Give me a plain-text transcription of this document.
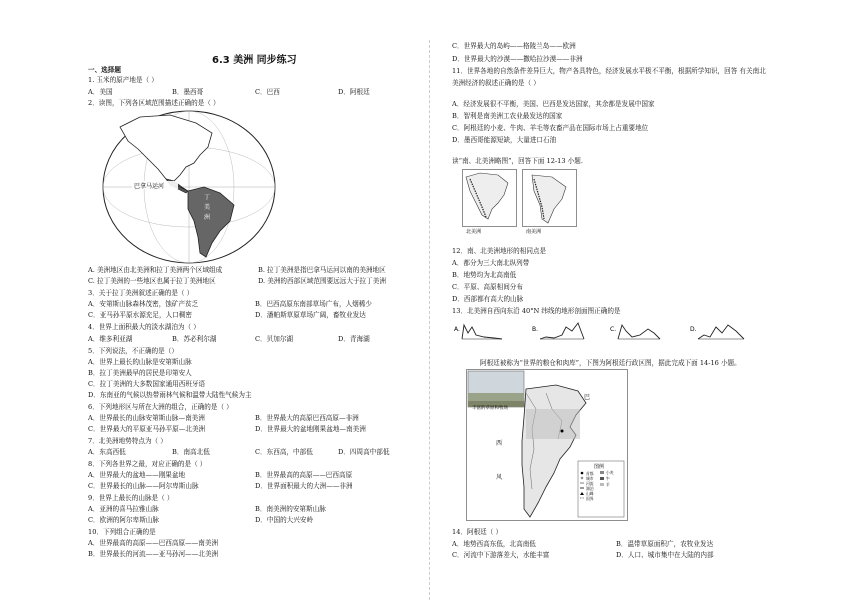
6.3 美洲 同步练习
一、选择题
1. 玉米的原产地是（ ）
A．美国	B．墨西哥	C．巴西	D．阿根廷
2．读图，下列各区域范围描述正确的是（ ）
巴拿马运河
丁
美
洲
A. 美洲地区由北美洲和拉丁美洲两个区域组成	B. 拉丁美洲是指巴拿马运河以南的美洲地区
C. 拉丁美洲的一些地区也属于拉丁美洲地区	D. 美洲的西部区域范围要远远大于拉丁美洲
3．关于拉丁美洲叙述正确的是（ ）
A．安第斯山脉森林茂密，蚀矿产贫乏	B．巴西高原东南部草场广布，人烟稀少
C．亚马孙平原水源充足，人口稠密	D．潘帕斯草原草场广阔，畜牧业发达
4．世界上面积最大的淡水湖泊为（ ）
A．维多利亚湖	B．苏必利尔湖	C．贝加尔湖	D．青海湖
5．下列说法，不正确的是（）
A．世界上最长的山脉是安第斯山脉
B．拉丁美洲最早的居民是印第安人
C．拉丁美洲的大多数国家通用西班牙语
D．东南亚的气候以热带雨林气候和温带大陆性气候为主
6．下列地形区与所在大洲的组合，正确的是（ ）
A．世界最长的山脉安第斯山脉—南美洲	B．世界最大的高原巴西高原—非洲
C．世界最大的平原亚马孙平原—北美洲	D．世界最大的盆地刚果盆地—南美洲
7．北美洲地势特点为（ ）
A．东高西低	B．南高北低	C．东西高，中部低	D．四周高中部低
8．下列各世界之最，对应正确的是（ ）
A．世界最大的盆地——刚果盆地	B．世界最高的高原——巴西高原
C．世界最长的山脉——阿尔卑斯山脉	D．世界面积最大的大洲——非洲
9．世界上最长的山脉是（ ）
A．亚洲的喜马拉雅山脉	B．南美洲的安第斯山脉
C．欧洲的阿尔卑斯山脉	D．中国的大兴安岭
10．下列组合正确的是
A．世界最高的高原——巴西高原——南美洲
B．世界最长的河流——亚马孙河——北美洲
C．世界最大的岛屿——格陵兰岛——欧洲
D．世界最大的沙漠——撒哈拉沙漠——非洲
11．世界各地的自然条件差异巨大，物产各具特色，经济发展水平极不平衡，根据所学知识，回答 有关南北
美洲经济的叙述正确的是（ ）
A．经济发展很不平衡，美国、巴西是发达国家，其余都是发展中国家
B．智利是南美洲工农业最发达的国家
C．阿根廷的小麦、牛肉、羊毛等农畜产品在国际市场上占重要地位
D．墨西哥能源短缺，大量进口石油
读“南、北美洲略图”，回答下面 12-13 小题.
北美洲	南美洲
12．南、北美洲地形的相同点是
A．都分为三大南北纵列带
B．地势均为北高南低
C．平原、高原相间分布
D．西部都有高大的山脉
13．北美洲自西向东沿 40°N 纬线的地形剖面图正确的是
A.	B.	C.	D.
阿根廷被称为“世界的粮仓和肉库”，下图为阿根廷行政区图，据此完成下面 14-16 小题。
丰富的草原和牧场
巴
西
风
图例
首都
城市
河流
湖泊
山峰
国界
小麦
牛
羊
14．阿根廷（ ）
A．地势西高东低，北高南低	B．温带草原面积广，农牧业发达
C．河流中下游落差大，水能丰富	D．人口、城市集中在大陆的内部
